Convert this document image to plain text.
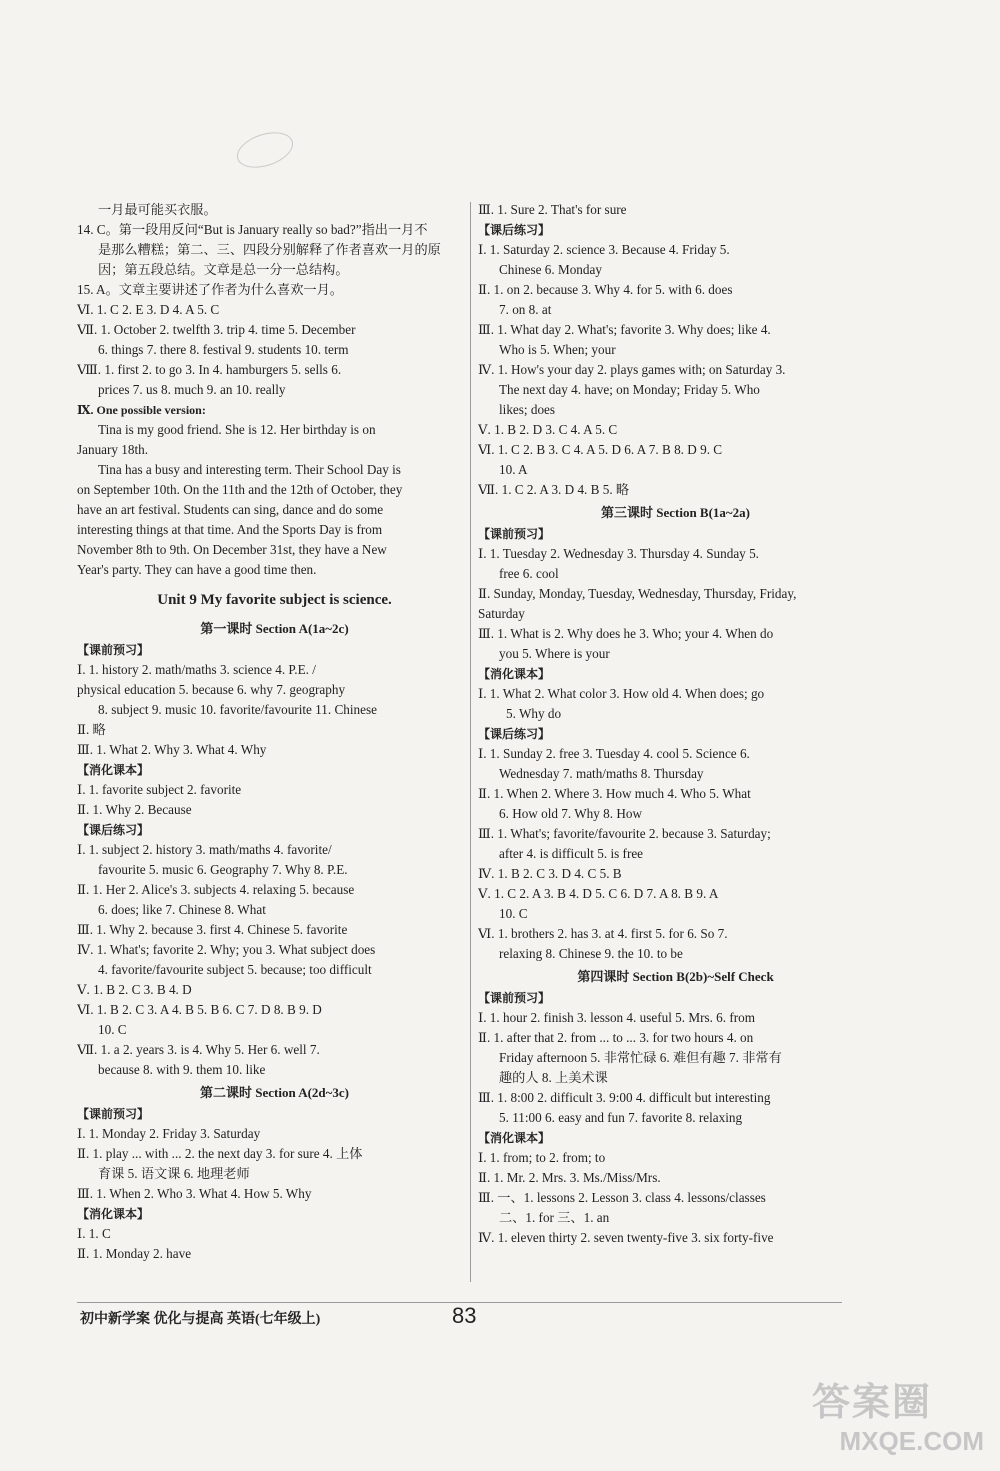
一月最可能买衣服。
14. C。第一段用反问“But is January really so bad?”指出一月不
是那么糟糕；第二、三、四段分别解释了作者喜欢一月的原
因；第五段总结。文章是总一分一总结构。
15. A。文章主要讲述了作者为什么喜欢一月。
Ⅵ. 1. C 2. E 3. D 4. A 5. C
Ⅶ. 1. October 2. twelfth 3. trip 4. time 5. December
6. things 7. there 8. festival 9. students 10. term
Ⅷ. 1. first 2. to go 3. In 4. hamburgers 5. sells 6.
prices 7. us 8. much 9. an 10. really
Ⅸ. One possible version:
Tina is my good friend. She is 12. Her birthday is on
January 18th.
Tina has a busy and interesting term. Their School Day is
on September 10th. On the 11th and the 12th of October, they
have an art festival. Students can sing, dance and do some
interesting things at that time. And the Sports Day is from
November 8th to 9th. On December 31st, they have a New
Year's party. They can have a good time then.
Unit 9 My favorite subject is science.
第一课时 Section A(1a~2c)
【课前预习】
Ⅰ. 1. history 2. math/maths 3. science 4. P.E. /
physical education 5. because 6. why 7. geography
8. subject 9. music 10. favorite/favourite 11. Chinese
Ⅱ. 略
Ⅲ. 1. What 2. Why 3. What 4. Why
【消化课本】
Ⅰ. 1. favorite subject 2. favorite
Ⅱ. 1. Why 2. Because
【课后练习】
Ⅰ. 1. subject 2. history 3. math/maths 4. favorite/
favourite 5. music 6. Geography 7. Why 8. P.E.
Ⅱ. 1. Her 2. Alice's 3. subjects 4. relaxing 5. because
6. does; like 7. Chinese 8. What
Ⅲ. 1. Why 2. because 3. first 4. Chinese 5. favorite
Ⅳ. 1. What's; favorite 2. Why; you 3. What subject does
4. favorite/favourite subject 5. because; too difficult
Ⅴ. 1. B 2. C 3. B 4. D
Ⅵ. 1. B 2. C 3. A 4. B 5. B 6. C 7. D 8. B 9. D
10. C
Ⅶ. 1. a 2. years 3. is 4. Why 5. Her 6. well 7.
because 8. with 9. them 10. like
第二课时 Section A(2d~3c)
【课前预习】
Ⅰ. 1. Monday 2. Friday 3. Saturday
Ⅱ. 1. play ... with ... 2. the next day 3. for sure 4. 上体
育课 5. 语文课 6. 地理老师
Ⅲ. 1. When 2. Who 3. What 4. How 5. Why
【消化课本】
Ⅰ. 1. C
Ⅱ. 1. Monday 2. have
Ⅲ. 1. Sure 2. That's for sure
【课后练习】
Ⅰ. 1. Saturday 2. science 3. Because 4. Friday 5.
Chinese 6. Monday
Ⅱ. 1. on 2. because 3. Why 4. for 5. with 6. does
7. on 8. at
Ⅲ. 1. What day 2. What's; favorite 3. Why does; like 4.
Who is 5. When; your
Ⅳ. 1. How's your day 2. plays games with; on Saturday 3.
The next day 4. have; on Monday; Friday 5. Who
likes; does
Ⅴ. 1. B 2. D 3. C 4. A 5. C
Ⅵ. 1. C 2. B 3. C 4. A 5. D 6. A 7. B 8. D 9. C
10. A
Ⅶ. 1. C 2. A 3. D 4. B 5. 略
第三课时 Section B(1a~2a)
【课前预习】
Ⅰ. 1. Tuesday 2. Wednesday 3. Thursday 4. Sunday 5.
free 6. cool
Ⅱ. Sunday, Monday, Tuesday, Wednesday, Thursday, Friday,
Saturday
Ⅲ. 1. What is 2. Why does he 3. Who; your 4. When do
you 5. Where is your
【消化课本】
Ⅰ. 1. What 2. What color 3. How old 4. When does; go
5. Why do
【课后练习】
Ⅰ. 1. Sunday 2. free 3. Tuesday 4. cool 5. Science 6.
Wednesday 7. math/maths 8. Thursday
Ⅱ. 1. When 2. Where 3. How much 4. Who 5. What
6. How old 7. Why 8. How
Ⅲ. 1. What's; favorite/favourite 2. because 3. Saturday;
after 4. is difficult 5. is free
Ⅳ. 1. B 2. C 3. D 4. C 5. B
Ⅴ. 1. C 2. A 3. B 4. D 5. C 6. D 7. A 8. B 9. A
10. C
Ⅵ. 1. brothers 2. has 3. at 4. first 5. for 6. So 7.
relaxing 8. Chinese 9. the 10. to be
第四课时 Section B(2b)~Self Check
【课前预习】
Ⅰ. 1. hour 2. finish 3. lesson 4. useful 5. Mrs. 6. from
Ⅱ. 1. after that 2. from ... to ... 3. for two hours 4. on
Friday afternoon 5. 非常忙碌 6. 难但有趣 7. 非常有
趣的人 8. 上美术课
Ⅲ. 1. 8:00 2. difficult 3. 9:00 4. difficult but interesting
5. 11:00 6. easy and fun 7. favorite 8. relaxing
【消化课本】
Ⅰ. 1. from; to 2. from; to
Ⅱ. 1. Mr. 2. Mrs. 3. Ms./Miss/Mrs.
Ⅲ. 一、1. lessons 2. Lesson 3. class 4. lessons/classes
二、1. for 三、1. an
Ⅳ. 1. eleven thirty 2. seven twenty-five 3. six forty-five
初中新学案 优化与提高 英语(七年级上)	83
答案圈
MXQE.COM
